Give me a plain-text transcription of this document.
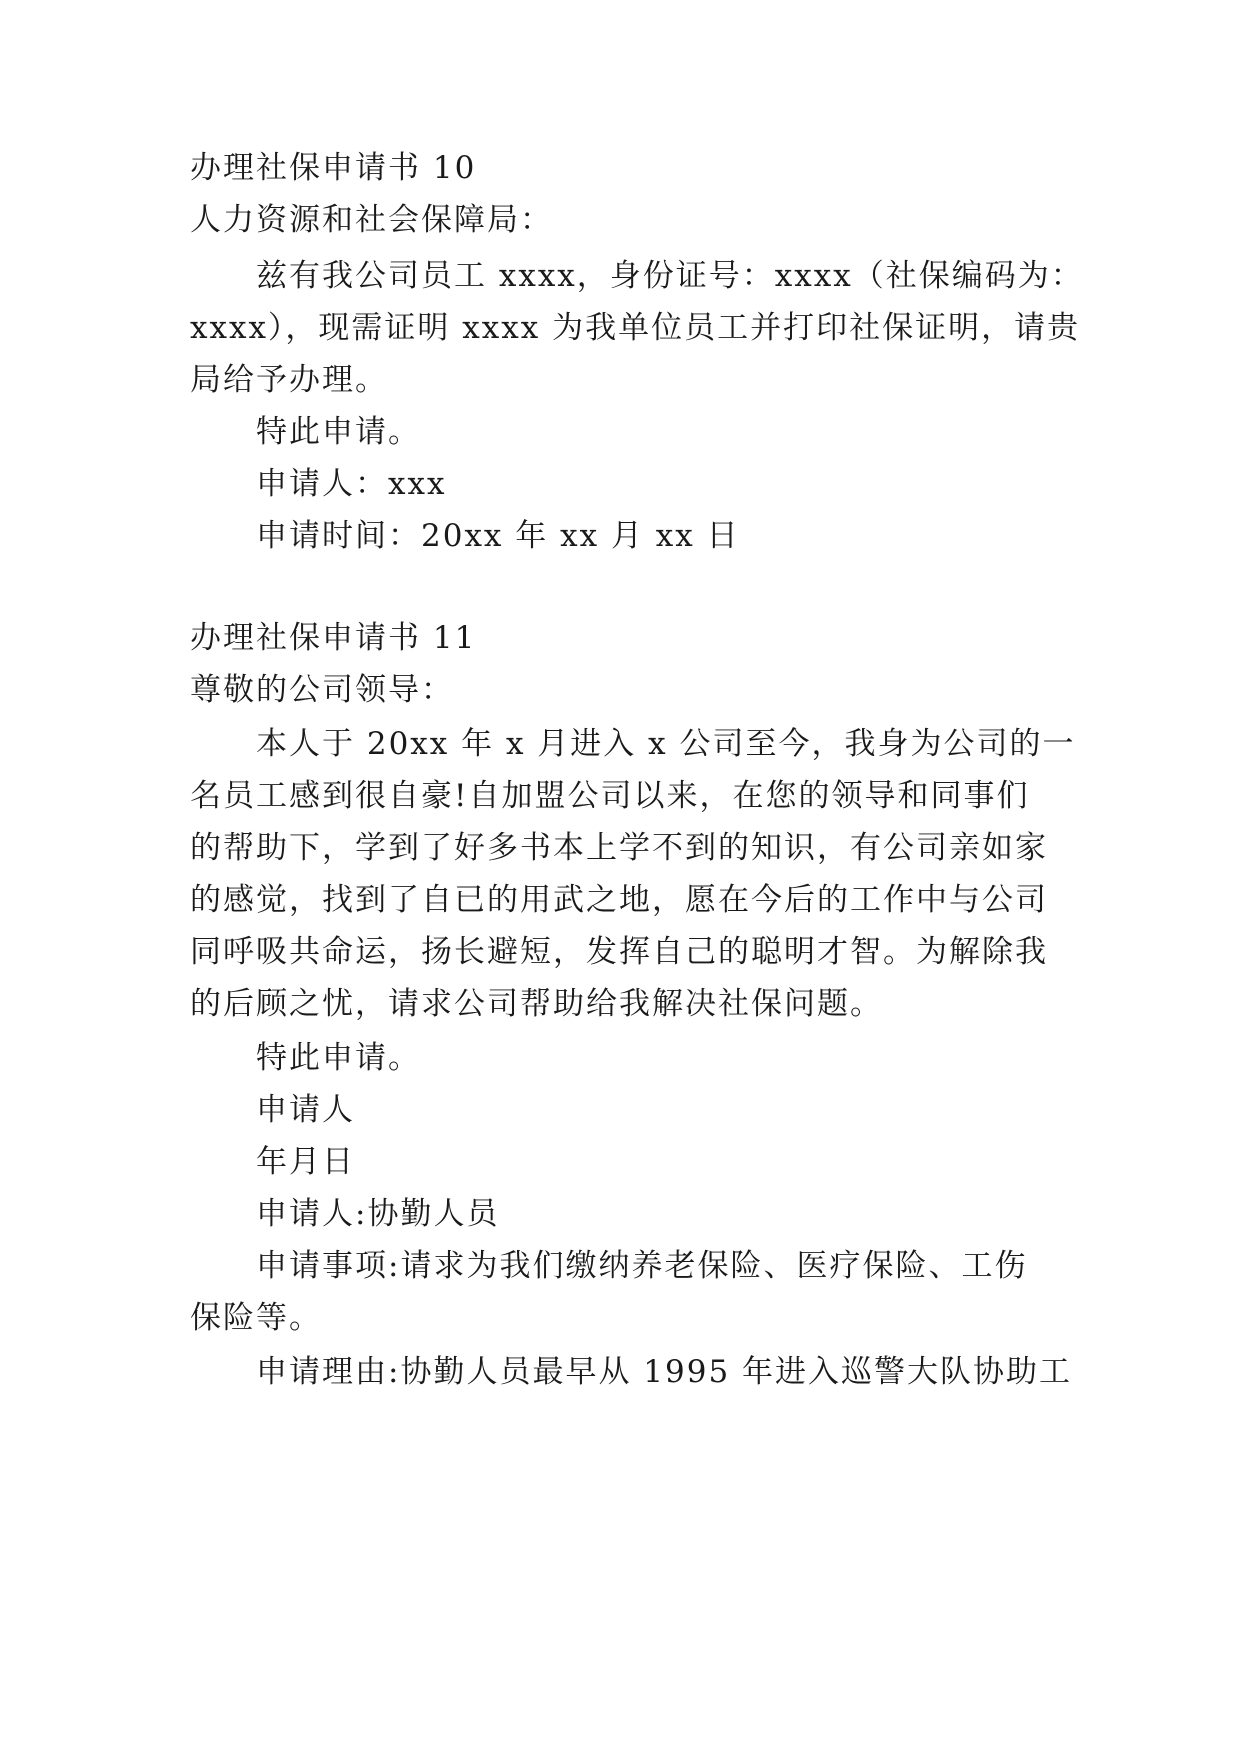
办理社保申请书 10
人力资源和社会保障局：
兹有我公司员工 xxxx，身份证号：xxxx（社保编码为：
xxxx），现需证明 xxxx 为我单位员工并打印社保证明，请贵
局给予办理。
特此申请。
申请人：xxx
申请时间：20xx 年 xx 月 xx 日
办理社保申请书 11
尊敬的公司领导：
本人于 20xx 年 x 月进入 x 公司至今，我身为公司的一
名员工感到很自豪!自加盟公司以来，在您的领导和同事们
的帮助下，学到了好多书本上学不到的知识，有公司亲如家
的感觉，找到了自已的用武之地，愿在今后的工作中与公司
同呼吸共命运，扬长避短，发挥自己的聪明才智。为解除我
的后顾之忧，请求公司帮助给我解决社保问题。
特此申请。
申请人
年月日
申请人:协勤人员
申请事项:请求为我们缴纳养老保险、医疗保险、工伤
保险等。
申请理由:协勤人员最早从 1995 年进入巡警大队协助工
